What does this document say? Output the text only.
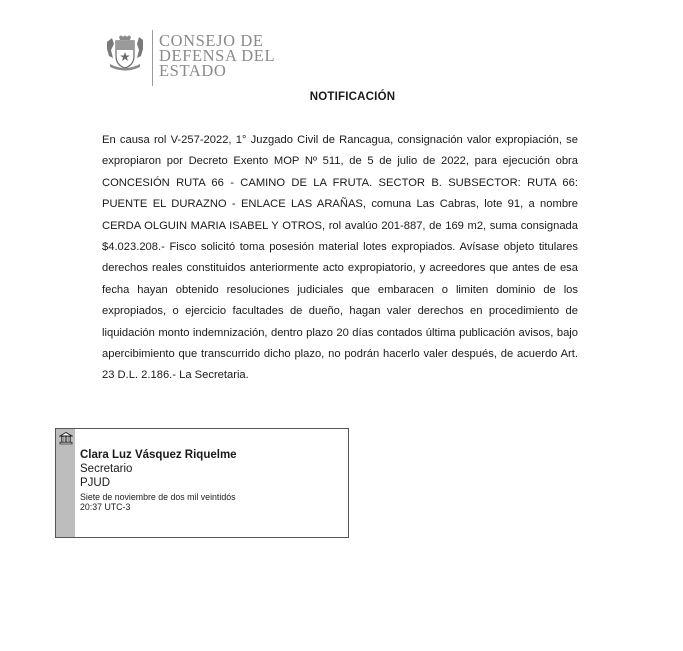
CONSEJO DE
DEFENSA DEL
ESTADO
NOTIFICACIÓN
En causa rol V-257-2022, 1° Juzgado Civil de Rancagua, consignación valor expropiación, se expropiaron por Decreto Exento MOP Nº 511, de 5 de julio de 2022, para ejecución obra CONCESIÓN RUTA 66 - CAMINO DE LA FRUTA. SECTOR B. SUBSECTOR: RUTA 66: PUENTE EL DURAZNO - ENLACE LAS ARAÑAS, comuna Las Cabras, lote 91, a nombre CERDA OLGUIN MARIA ISABEL Y OTROS, rol avalúo 201-887, de 169 m2, suma consignada $4.023.208.- Fisco solicitó toma posesión material lotes expropiados. Avísase objeto titulares derechos reales constituidos anteriormente acto expropiatorio, y acreedores que antes de esa fecha hayan obtenido resoluciones judiciales que embaracen o limiten dominio de los expropiados, o ejercicio facultades de dueño, hagan valer derechos en procedimiento de liquidación monto indemnización, dentro plazo 20 días contados última publicación avisos, bajo apercibimiento que transcurrido dicho plazo, no podrán hacerlo valer después, de acuerdo Art. 23 D.L. 2.186.- La Secretaria.
Clara Luz Vásquez Riquelme
Secretario
PJUD
Siete de noviembre de dos mil veintidós
20:37 UTC-3
